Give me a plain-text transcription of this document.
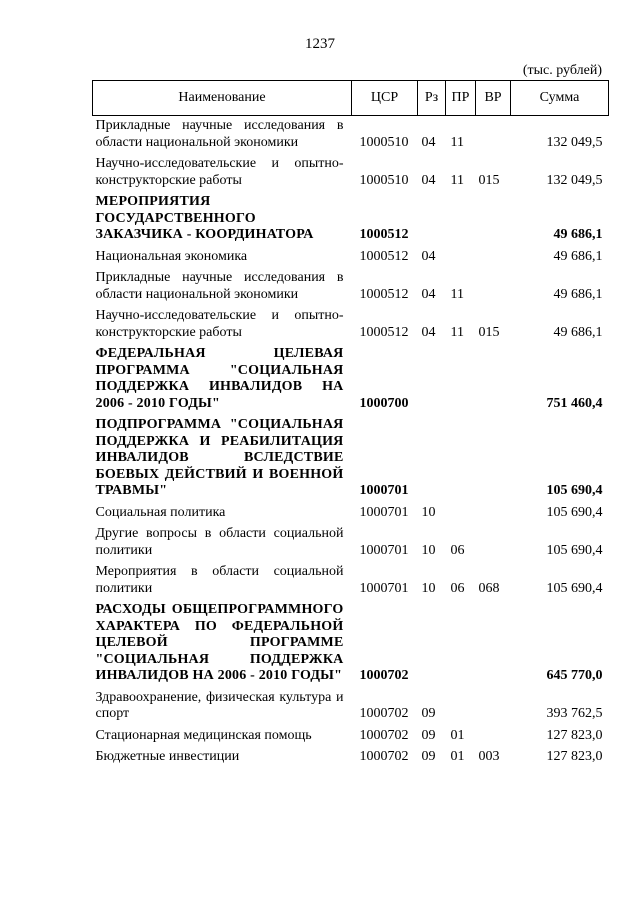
1237
(тыс. рублей)
Наименование	ЦСР	Рз	ПР	ВР	Сумма
Прикладные научные исследования в области национальной экономики	1000510	04	11		132 049,5
Научно-исследовательские и опытно-конструкторские работы	1000510	04	11	015	132 049,5
МЕРОПРИЯТИЯ ГОСУДАРСТВЕННОГО ЗАКАЗЧИКА - КООРДИНАТОРА	1000512				49 686,1
Национальная экономика	1000512	04			49 686,1
Прикладные научные исследования в области национальной экономики	1000512	04	11		49 686,1
Научно-исследовательские и опытно-конструкторские работы	1000512	04	11	015	49 686,1
ФЕДЕРАЛЬНАЯ ЦЕЛЕВАЯ ПРОГРАММА "СОЦИАЛЬНАЯ ПОДДЕРЖКА ИНВАЛИДОВ НА 2006 - 2010 ГОДЫ"	1000700				751 460,4
ПОДПРОГРАММА "СОЦИАЛЬНАЯ ПОДДЕРЖКА И РЕАБИЛИТАЦИЯ ИНВАЛИДОВ ВСЛЕДСТВИЕ БОЕВЫХ ДЕЙСТВИЙ И ВОЕННОЙ ТРАВМЫ"	1000701				105 690,4
Социальная политика	1000701	10			105 690,4
Другие вопросы в области социальной политики	1000701	10	06		105 690,4
Мероприятия в области социальной политики	1000701	10	06	068	105 690,4
РАСХОДЫ ОБЩЕПРОГРАММНОГО ХАРАКТЕРА ПО ФЕДЕРАЛЬНОЙ ЦЕЛЕВОЙ ПРОГРАММЕ "СОЦИАЛЬНАЯ ПОДДЕРЖКА ИНВАЛИДОВ НА 2006 - 2010 ГОДЫ"	1000702				645 770,0
Здравоохранение, физическая культура и спорт	1000702	09			393 762,5
Стационарная медицинская помощь	1000702	09	01		127 823,0
Бюджетные инвестиции	1000702	09	01	003	127 823,0
